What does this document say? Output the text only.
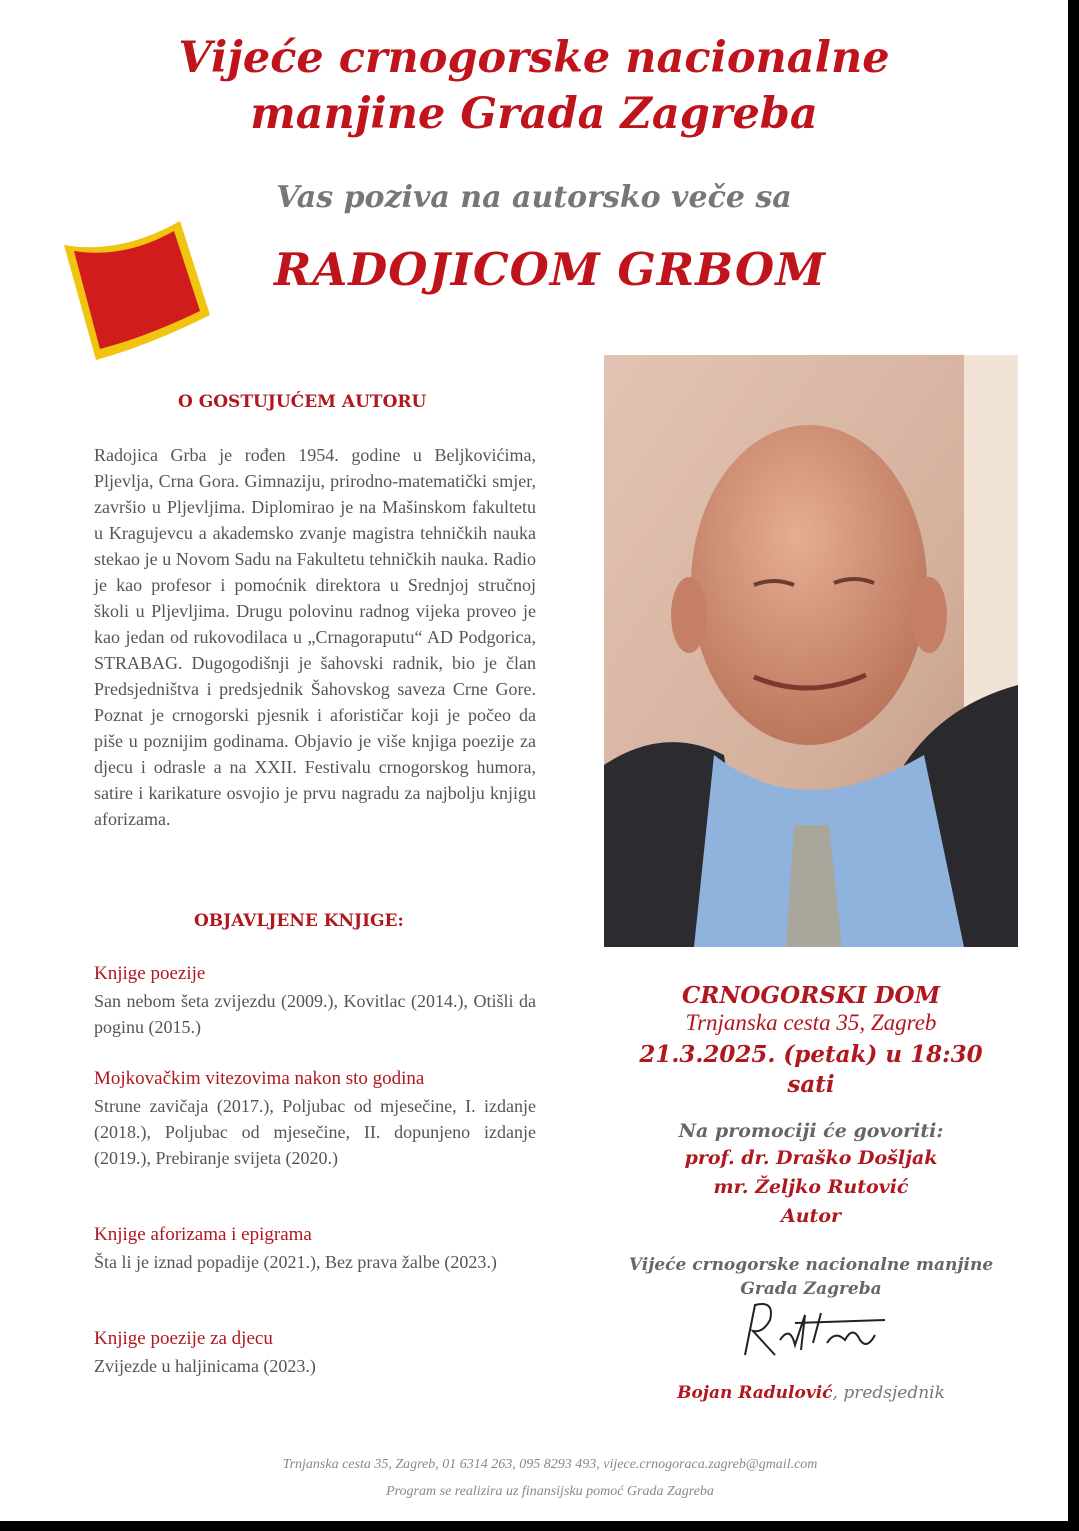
Vijeće crnogorske nacionalne
manjine Grada Zagreba
Vas poziva na autorsko veče sa
RADOJICOM GRBOM
O GOSTUJUĆEM AUTORU
Radojica Grba je rođen 1954. godine u Beljkovićima, Pljevlja, Crna Gora. Gimnaziju, prirodno-matematički smjer, završio u Pljevljima. Diplomirao je na Mašinskom fakultetu u Kragujevcu a akademsko zvanje magistra tehničkih nauka stekao je u Novom Sadu na Fakultetu tehničkih nauka. Radio je kao profesor i pomoćnik direktora u Srednjoj stručnoj školi u Pljevljima. Drugu polovinu radnog vijeka proveo je kao jedan od rukovodilaca u „Crnagoraputu“ AD Podgorica, STRABAG. Dugogodišnji je šahovski radnik, bio je član Predsjedništva i predsjednik Šahovskog saveza Crne Gore. Poznat je crnogorski pjesnik i aforističar koji je počeo da piše u poznijim godinama. Objavio je više knjiga poezije za djecu i odrasle a na XXII. Festivalu crnogorskog humora, satire i karikature osvojio je prvu nagradu za najbolju knjigu aforizama.
OBJAVLJENE KNJIGE:
Knjige poezije
San nebom šeta zvijezdu (2009.), Kovitlac (2014.), Otišli da poginu (2015.)
Mojkovačkim vitezovima nakon sto godina
Strune zavičaja (2017.), Poljubac od mjesečine, I. izdanje (2018.), Poljubac od mjesečine, II. dopunjeno izdanje (2019.), Prebiranje svijeta (2020.)
Knjige aforizama i epigrama
Šta li je iznad popadije (2021.), Bez prava žalbe (2023.)
Knjige poezije za djecu
Zvijezde u haljinicama (2023.)
CRNOGORSKI DOM
Trnjanska cesta 35, Zagreb
21.3.2025. (petak) u 18:30
sati
Na promociji će govoriti:
prof. dr. Draško Došljak
mr. Željko Rutović
Autor
Vijeće crnogorske nacionalne manjine
Grada Zagreba
Bojan Radulović, predsjednik
Trnjanska cesta 35, Zagreb, 01 6314 263, 095 8293 493, vijece.crnogoraca.zagreb@gmail.com
Program se realizira uz finansijsku pomoć Grada Zagreba
